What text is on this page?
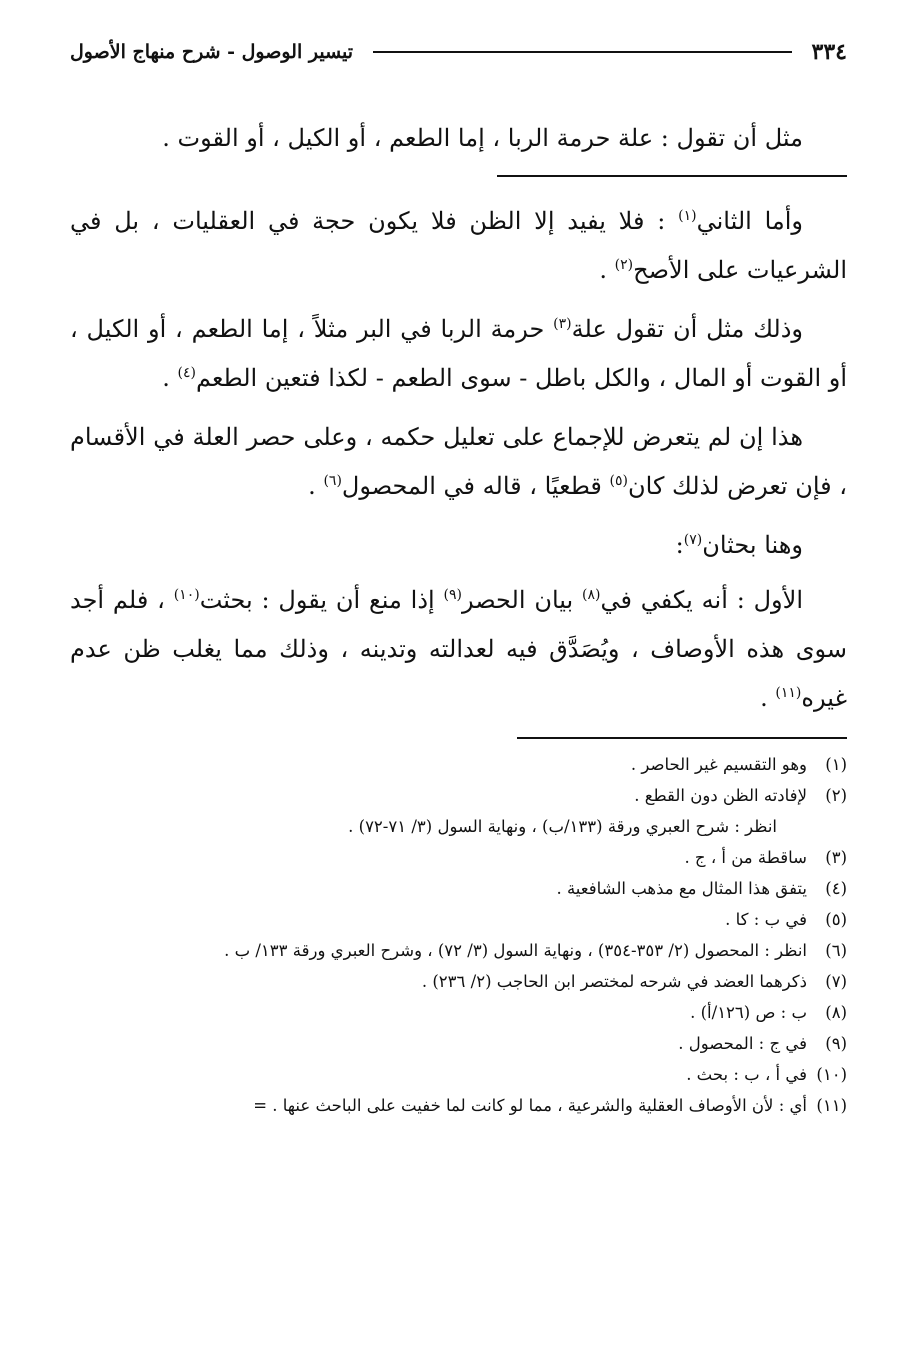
٣٣٤
تيسير الوصول - شرح منهاج الأصول

مثل أن تقول : علة حرمة الربا ، إما الطعم ، أو الكيل ، أو القوت .

وأما الثاني$^{(١)}$ : فلا يفيد إلا الظن فلا يكون حجة في العقليات ، بل في الشرعيات على الأصح$^{(٢)}$ .

وذلك مثل أن تقول علة$^{(٣)}$ حرمة الربا في البر مثلاً ، إما الطعم ، أو الكيل ، أو القوت أو المال ، والكل باطل - سوى الطعم - لكذا فتعين الطعم$^{(٤)}$ .

هذا إن لم يتعرض للإجماع على تعليل حكمه ، وعلى حصر العلة في الأقسام ، فإن تعرض لذلك كان$^{(٥)}$ قطعيًا ، قاله في المحصول$^{(٦)}$ .

وهنا بحثان$^{(٧)}$:

الأول : أنه يكفي في$^{(٨)}$ بيان الحصر$^{(٩)}$ إذا منع أن يقول : بحثت$^{(١٠)}$ ، فلم أجد سوى هذه الأوصاف ، ويُصَدَّق فيه لعدالته وتدينه ، وذلك مما يغلب ظن عدم غيره$^{(١١)}$ .

(١)
وهو التقسيم غير الحاصر .
(٢)
لإفادته الظن دون القطع .
انظر : شرح العبري ورقة (١٣٣/ب) ، ونهاية السول (٣/ ٧١-٧٢) .
(٣)
ساقطة من أ ، ج .
(٤)
يتفق هذا المثال مع مذهب الشافعية .
(٥)
في ب : كا .
(٦)
انظر : المحصول (٢/ ٣٥٣-٣٥٤) ، ونهاية السول (٣/ ٧٢) ، وشرح العبري ورقة ١٣٣/ ب .
(٧)
ذكرهما العضد في شرحه لمختصر ابن الحاجب (٢/ ٢٣٦) .
(٨)
ب : ص (١٢٦/أ) .
(٩)
في ج : المحصول .
(١٠)
في أ ، ب : بحث .
(١١)
أي : لأن الأوصاف العقلية والشرعية ، مما لو كانت لما خفيت على الباحث عنها . =
